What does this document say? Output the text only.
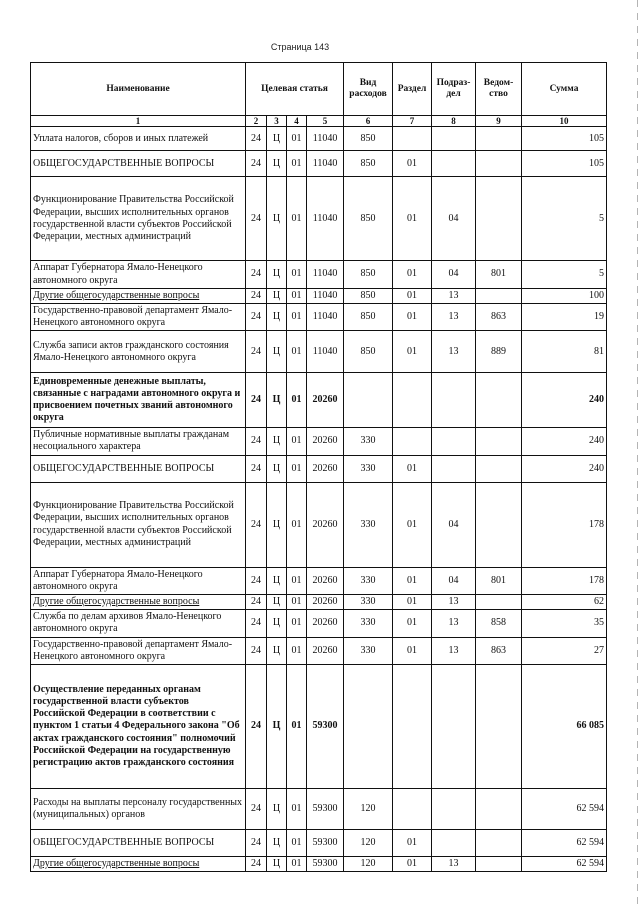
Страница 143
Наименование	Целевая статья				Вид расходов	Раздел	Подраз-дел	Ведом-ство	Сумма
1	2	3	4	5	6	7	8	9	10
Уплата налогов, сборов и иных платежей	24	Ц	01	11040	850				105
ОБЩЕГОСУДАРСТВЕННЫЕ ВОПРОСЫ	24	Ц	01	11040	850	01			105
Функционирование Правительства Российской Федерации, высших исполнительных органов государственной власти субъектов Российской Федерации, местных администраций	24	Ц	01	11040	850	01	04		5
Аппарат Губернатора Ямало-Ненецкого автономного округа	24	Ц	01	11040	850	01	04	801	5
Другие общегосударственные вопросы	24	Ц	01	11040	850	01	13		100
Государственно-правовой департамент Ямало-Ненецкого автономного округа	24	Ц	01	11040	850	01	13	863	19
Служба записи актов гражданского состояния Ямало-Ненецкого автономного округа	24	Ц	01	11040	850	01	13	889	81
Единовременные денежные выплаты, связанные с наградами автономного округа и присвоением почетных званий автономного округа	24	Ц	01	20260					240
Публичные нормативные выплаты гражданам несоциального характера	24	Ц	01	20260	330				240
ОБЩЕГОСУДАРСТВЕННЫЕ ВОПРОСЫ	24	Ц	01	20260	330	01			240
Функционирование Правительства Российской Федерации, высших исполнительных органов государственной власти субъектов Российской Федерации, местных администраций	24	Ц	01	20260	330	01	04		178
Аппарат Губернатора Ямало-Ненецкого автономного округа	24	Ц	01	20260	330	01	04	801	178
Другие общегосударственные вопросы	24	Ц	01	20260	330	01	13		62
Служба по делам архивов Ямало-Ненецкого автономного округа	24	Ц	01	20260	330	01	13	858	35
Государственно-правовой департамент Ямало-Ненецкого автономного округа	24	Ц	01	20260	330	01	13	863	27
Осуществление переданных органам государственной власти субъектов Российской Федерации в соответствии с пунктом 1 статьи 4 Федерального закона "Об актах гражданского состояния" полномочий Российской Федерации на государственную регистрацию актов гражданского состояния	24	Ц	01	59300					66 085
Расходы на выплаты персоналу государственных (муниципальных) органов	24	Ц	01	59300	120				62 594
ОБЩЕГОСУДАРСТВЕННЫЕ ВОПРОСЫ	24	Ц	01	59300	120	01			62 594
Другие общегосударственные вопросы	24	Ц	01	59300	120	01	13		62 594
